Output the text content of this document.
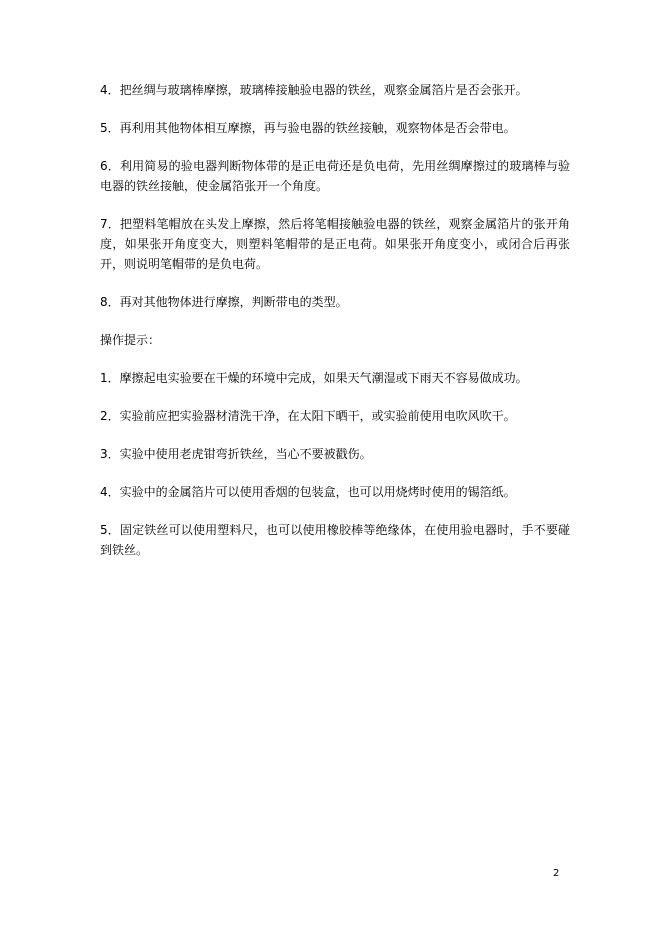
4．把丝绸与玻璃棒摩擦，玻璃棒接触验电器的铁丝，观察金属箔片是否会张开。

5．再利用其他物体相互摩擦，再与验电器的铁丝接触，观察物体是否会带电。

6．利用简易的验电器判断物体带的是正电荷还是负电荷，先用丝绸摩擦过的玻璃棒与验电器的铁丝接触，使金属箔张开一个角度。

7．把塑料笔帽放在头发上摩擦，然后将笔帽接触验电器的铁丝，观察金属箔片的张开角度，如果张开角度变大，则塑料笔帽带的是正电荷。如果张开角度变小，或闭合后再张开，则说明笔帽带的是负电荷。

8．再对其他物体进行摩擦，判断带电的类型。

操作提示：

1．摩擦起电实验要在干燥的环境中完成，如果天气潮湿或下雨天不容易做成功。

2．实验前应把实验器材清洗干净，在太阳下晒干，或实验前使用电吹风吹干。

3．实验中使用老虎钳弯折铁丝，当心不要被戳伤。

4．实验中的金属箔片可以使用香烟的包装盒，也可以用烧烤时使用的锡箔纸。

5．固定铁丝可以使用塑料尺，也可以使用橡胶棒等绝缘体，在使用验电器时，手不要碰到铁丝。

2
